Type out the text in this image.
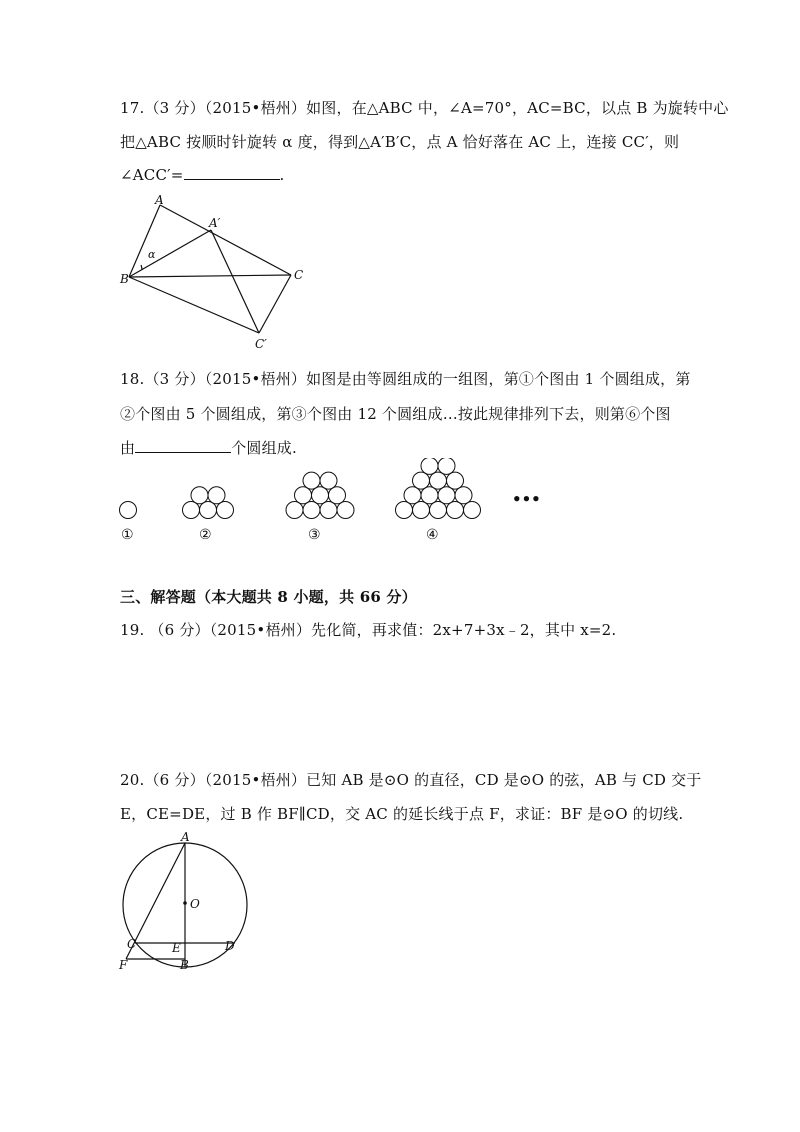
17.（3 分）（2015•梧州）如图，在△ABC 中，∠A=70°，AC=BC，以点 B 为旋转中心
把△ABC 按顺时针旋转 α 度，得到△A′B′C，点 A 恰好落在 AC 上，连接 CC′，则
∠ACC′=	.
A
A′
B	C
C′
α
18.（3 分）（2015•梧州）如图是由等圆组成的一组图，第①个图由 1 个圆组成，第
②个图由 5 个圆组成，第③个图由 12 个圆组成…按此规律排列下去，则第⑥个图
由	个圆组成.
①	②	③	④
•••
三、解答题（本大题共 8 小题，共 66 分）
19. （6 分）（2015•梧州）先化简，再求值：2x+7+3x﹣2，其中 x=2.
20.（6 分）（2015•梧州）已知 AB 是⊙O 的直径，CD 是⊙O 的弦，AB 与 CD 交于
E，CE=DE，过 B 作 BF∥CD，交 AC 的延长线于点 F，求证：BF 是⊙O 的切线.
A
O
C	E	D
F	B
